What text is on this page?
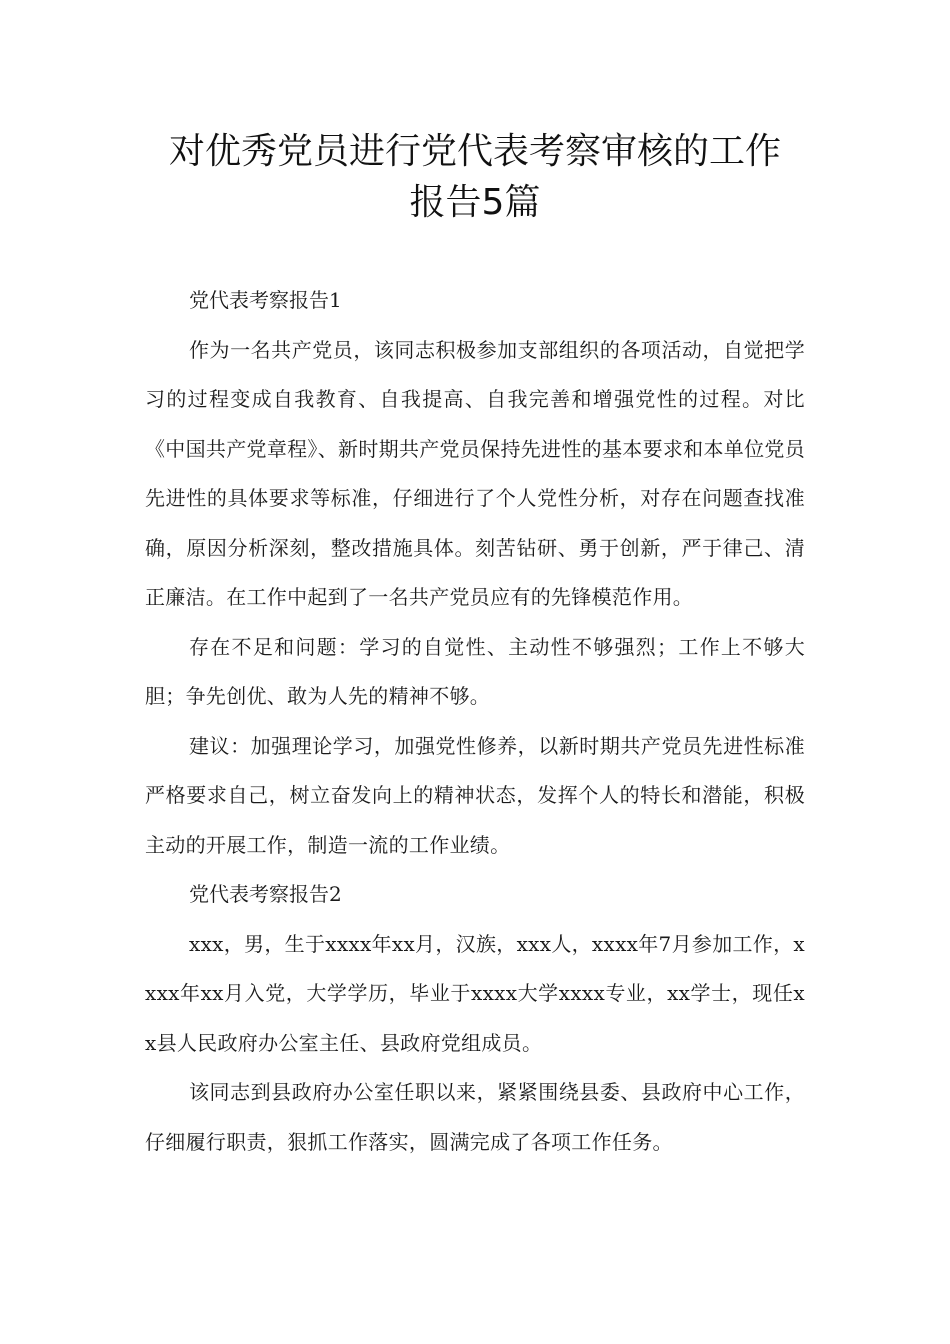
对优秀党员进行党代表考察审核的工作
报告5篇

党代表考察报告1

作为一名共产党员，该同志积极参加支部组织的各项活动，自觉把学习的过程变成自我教育、自我提高、自我完善和增强党性的过程。对比《中国共产党章程》、新时期共产党员保持先进性的基本要求和本单位党员先进性的具体要求等标准，仔细进行了个人党性分析，对存在问题查找准确，原因分析深刻，整改措施具体。刻苦钻研、勇于创新，严于律己、清正廉洁。在工作中起到了一名共产党员应有的先锋模范作用。

存在不足和问题：学习的自觉性、主动性不够强烈；工作上不够大胆；争先创优、敢为人先的精神不够。

建议：加强理论学习，加强党性修养，以新时期共产党员先进性标准严格要求自己，树立奋发向上的精神状态，发挥个人的特长和潜能，积极主动的开展工作，制造一流的工作业绩。

党代表考察报告2

xxx，男，生于xxxx年xx月，汉族，xxx人，xxxx年7月参加工作，xxxx年xx月入党，大学学历，毕业于xxxx大学xxxx专业，xx学士，现任xx县人民政府办公室主任、县政府党组成员。

该同志到县政府办公室任职以来，紧紧围绕县委、县政府中心工作，仔细履行职责，狠抓工作落实，圆满完成了各项工作任务。
